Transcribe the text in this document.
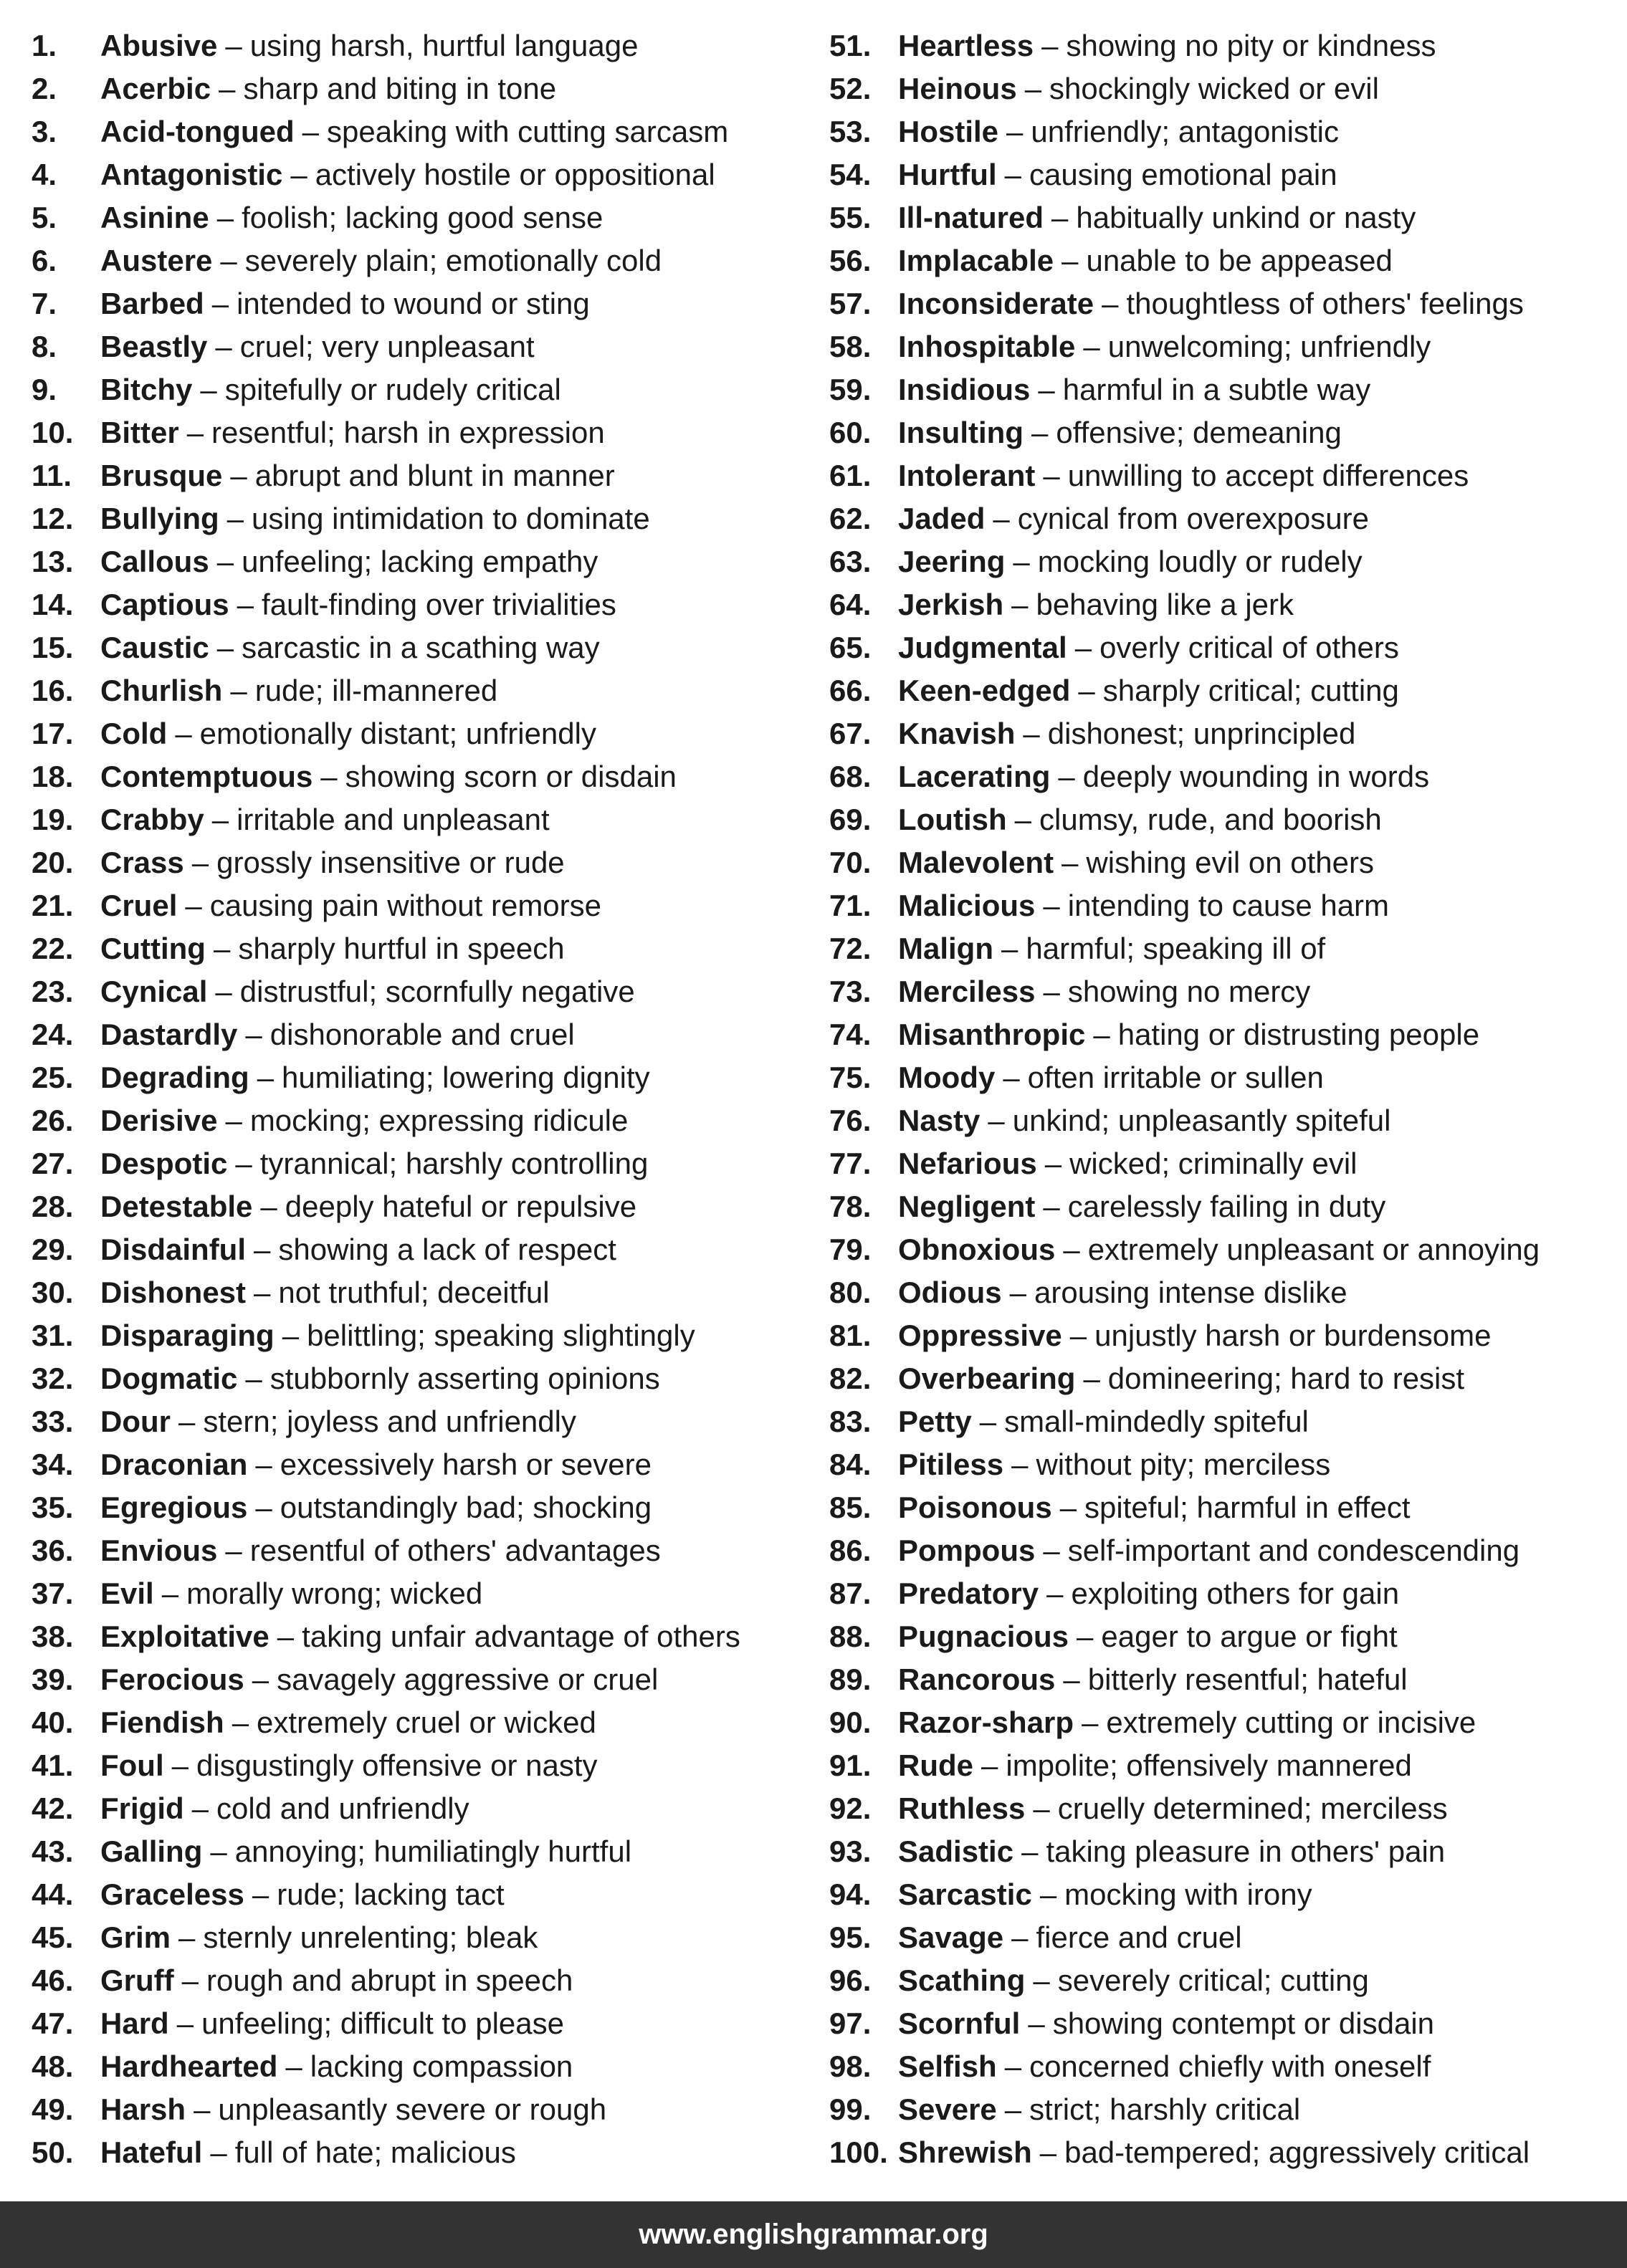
1.	Abusive – using harsh, hurtful language
2.	Acerbic – sharp and biting in tone
3.	Acid-tongued – speaking with cutting sarcasm
4.	Antagonistic – actively hostile or oppositional
5.	Asinine – foolish; lacking good sense
6.	Austere – severely plain; emotionally cold
7.	Barbed – intended to wound or sting
8.	Beastly – cruel; very unpleasant
9.	Bitchy – spitefully or rudely critical
10. Bitter – resentful; harsh in expression
11. Brusque – abrupt and blunt in manner
12. Bullying – using intimidation to dominate
13. Callous – unfeeling; lacking empathy
14. Captious – fault-finding over trivialities
15. Caustic – sarcastic in a scathing way
16. Churlish – rude; ill-mannered
17. Cold – emotionally distant; unfriendly
18. Contemptuous – showing scorn or disdain
19. Crabby – irritable and unpleasant
20. Crass – grossly insensitive or rude
21. Cruel – causing pain without remorse
22. Cutting – sharply hurtful in speech
23. Cynical – distrustful; scornfully negative
24. Dastardly – dishonorable and cruel
25. Degrading – humiliating; lowering dignity
26. Derisive – mocking; expressing ridicule
27. Despotic – tyrannical; harshly controlling
28. Detestable – deeply hateful or repulsive
29. Disdainful – showing a lack of respect
30. Dishonest – not truthful; deceitful
31. Disparaging – belittling; speaking slightingly
32. Dogmatic – stubbornly asserting opinions
33. Dour – stern; joyless and unfriendly
34. Draconian – excessively harsh or severe
35. Egregious – outstandingly bad; shocking
36. Envious – resentful of others' advantages
37. Evil – morally wrong; wicked
38. Exploitative – taking unfair advantage of others
39. Ferocious – savagely aggressive or cruel
40. Fiendish – extremely cruel or wicked
41. Foul – disgustingly offensive or nasty
42. Frigid – cold and unfriendly
43. Galling – annoying; humiliatingly hurtful
44. Graceless – rude; lacking tact
45. Grim – sternly unrelenting; bleak
46. Gruff – rough and abrupt in speech
47. Hard – unfeeling; difficult to please
48. Hardhearted – lacking compassion
49. Harsh – unpleasantly severe or rough
50. Hateful – full of hate; malicious
51. Heartless – showing no pity or kindness
52. Heinous – shockingly wicked or evil
53. Hostile – unfriendly; antagonistic
54. Hurtful – causing emotional pain
55. Ill-natured – habitually unkind or nasty
56. Implacable – unable to be appeased
57. Inconsiderate – thoughtless of others' feelings
58. Inhospitable – unwelcoming; unfriendly
59. Insidious – harmful in a subtle way
60. Insulting – offensive; demeaning
61. Intolerant – unwilling to accept differences
62. Jaded – cynical from overexposure
63. Jeering – mocking loudly or rudely
64. Jerkish – behaving like a jerk
65. Judgmental – overly critical of others
66. Keen-edged – sharply critical; cutting
67. Knavish – dishonest; unprincipled
68. Lacerating – deeply wounding in words
69. Loutish – clumsy, rude, and boorish
70. Malevolent – wishing evil on others
71. Malicious – intending to cause harm
72. Malign – harmful; speaking ill of
73. Merciless – showing no mercy
74. Misanthropic – hating or distrusting people
75. Moody – often irritable or sullen
76. Nasty – unkind; unpleasantly spiteful
77. Nefarious – wicked; criminally evil
78. Negligent – carelessly failing in duty
79. Obnoxious – extremely unpleasant or annoying
80. Odious – arousing intense dislike
81. Oppressive – unjustly harsh or burdensome
82. Overbearing – domineering; hard to resist
83. Petty – small-mindedly spiteful
84. Pitiless – without pity; merciless
85. Poisonous – spiteful; harmful in effect
86. Pompous – self-important and condescending
87. Predatory – exploiting others for gain
88. Pugnacious – eager to argue or fight
89. Rancorous – bitterly resentful; hateful
90. Razor-sharp – extremely cutting or incisive
91. Rude – impolite; offensively mannered
92. Ruthless – cruelly determined; merciless
93. Sadistic – taking pleasure in others' pain
94. Sarcastic – mocking with irony
95. Savage – fierce and cruel
96. Scathing – severely critical; cutting
97. Scornful – showing contempt or disdain
98. Selfish – concerned chiefly with oneself
99. Severe – strict; harshly critical
100. Shrewish – bad-tempered; aggressively critical
www.englishgrammar.org
